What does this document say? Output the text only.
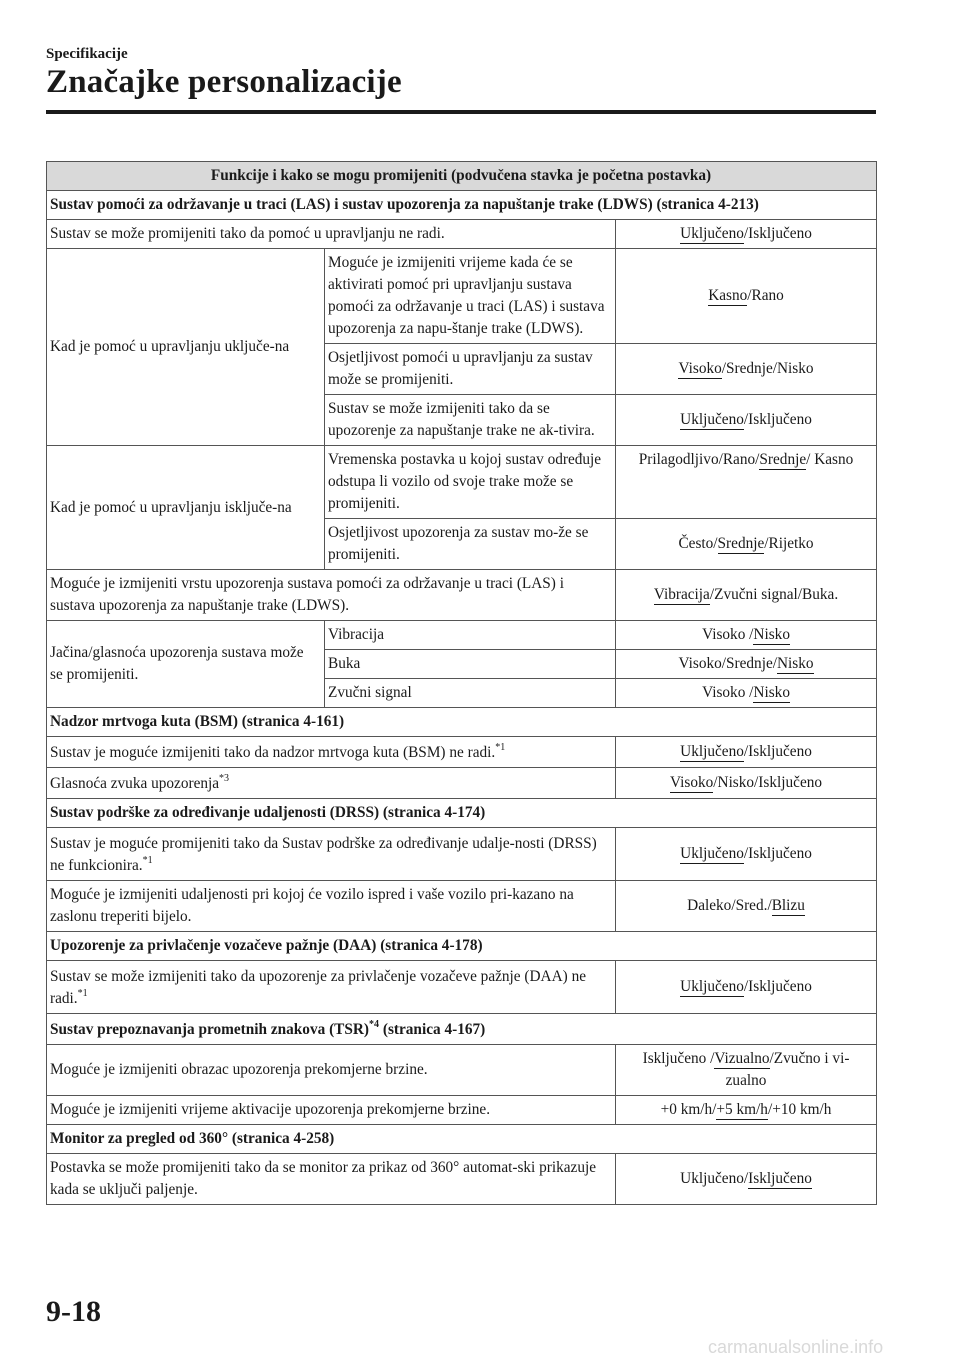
Specifikacije
Značajke personalizacije
Funkcije i kako se mogu promijeniti (podvučena stavka je početna postavka)		
Sustav pomoći za održavanje u traci (LAS) i sustav upozorenja za napuštanje trake (LDWS) (stranica 4-213)		
Sustav se može promijeniti tako da pomoć u upravljanju ne radi.		Uključeno/Isključeno
Kad je pomoć u upravljanju uključe-na	Moguće je izmijeniti vrijeme kada će se aktivirati pomoć pri upravljanju sustava pomoći za održavanje u traci (LAS) i sustava upozorenja za napu-štanje trake (LDWS).	Kasno/Rano
	Osjetljivost pomoći u upravljanju za sustav može se promijeniti.	Visoko/Srednje/Nisko
	Sustav se može izmijeniti tako da se upozorenje za napuštanje trake ne ak-tivira.	Uključeno/Isključeno
Kad je pomoć u upravljanju isključe-na	Vremenska postavka u kojoj sustav određuje odstupa li vozilo od svoje trake može se promijeniti.	Prilagodljivo/Rano/Srednje/ Kasno
	Osjetljivost upozorenja za sustav mo-že se promijeniti.	Često/Srednje/Rijetko
Moguće je izmijeniti vrstu upozorenja sustava pomoći za održavanje u traci (LAS) i sustava upozorenja za napuštanje trake (LDWS).		Vibracija/Zvučni signal/Buka.
Jačina/glasnoća upozorenja sustava može se promijeniti.	Vibracija	Visoko /Nisko
	Buka	Visoko/Srednje/Nisko
	Zvučni signal	Visoko /Nisko
Nadzor mrtvoga kuta (BSM) (stranica 4-161)		
Sustav je moguće izmijeniti tako da nadzor mrtvoga kuta (BSM) ne radi.$^{*1}$		Uključeno/Isključeno
Glasnoća zvuka upozorenja$^{*3}$		Visoko/Nisko/Isključeno
Sustav podrške za određivanje udaljenosti (DRSS) (stranica 4-174)		
Sustav je moguće promijeniti tako da Sustav podrške za određivanje udalje-nosti (DRSS) ne funkcionira.$^{*1}$		Uključeno/Isključeno
Moguće je izmijeniti udaljenosti pri kojoj će vozilo ispred i vaše vozilo pri-kazano na zaslonu treperiti bijelo.		Daleko/Sred./Blizu
Upozorenje za privlačenje vozačeve pažnje (DAA) (stranica 4-178)		
Sustav se može izmijeniti tako da upozorenje za privlačenje vozačeve pažnje (DAA) ne radi.$^{*1}$		Uključeno/Isključeno
Sustav prepoznavanja prometnih znakova (TSR)$^{*4}$ (stranica 4-167)		
Moguće je izmijeniti obrazac upozorenja prekomjerne brzine.		Isključeno /Vizualno/Zvučno i vi-zualno
Moguće je izmijeniti vrijeme aktivacije upozorenja prekomjerne brzine.		+0 km/h/+5 km/h/+10 km/h
Monitor za pregled od 360° (stranica 4-258)		
Postavka se može promijeniti tako da se monitor za prikaz od 360° automat-ski prikazuje kada se uključi paljenje.		Uključeno/Isključeno
9-18
carmanualsonline.info
